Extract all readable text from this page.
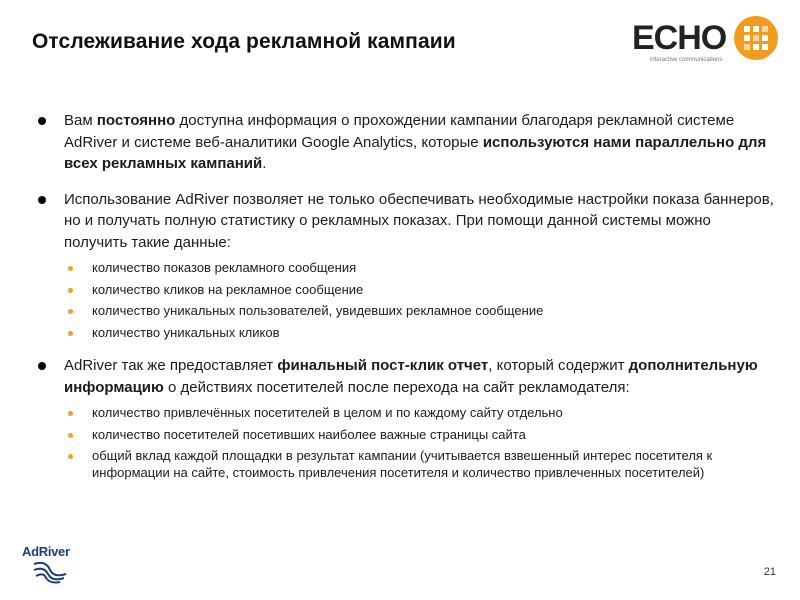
Отслеживание хода рекламной кампаии	ECHO
interactive communications
Вам постоянно доступна информация о прохождении кампании благодаря рекламной системе AdRiver и системе веб-аналитики Google Analytics, которые используются нами параллельно для всех рекламных кампаний.
Использование AdRiver позволяет не только обеспечивать необходимые настройки показа баннеров, но и получать полную статистику о рекламных показах. При помощи данной системы можно получить такие данные:
количество показов рекламного сообщения
количество кликов на рекламное сообщение
количество уникальных пользователей, увидевших рекламное сообщение
количество уникальных кликов
AdRiver так же предоставляет финальный пост-клик отчет, который содержит дополнительную информацию о действиях посетителей после перехода на сайт рекламодателя:
количество привлечённых посетителей в целом и по каждому сайту отдельно
количество посетителей посетивших наиболее важные страницы сайта
общий вклад каждой площадки в результат кампании (учитывается взвешенный интерес посетителя к информации на сайте, стоимость привлечения посетителя и количество привлеченных посетителей)
AdRiver
21
